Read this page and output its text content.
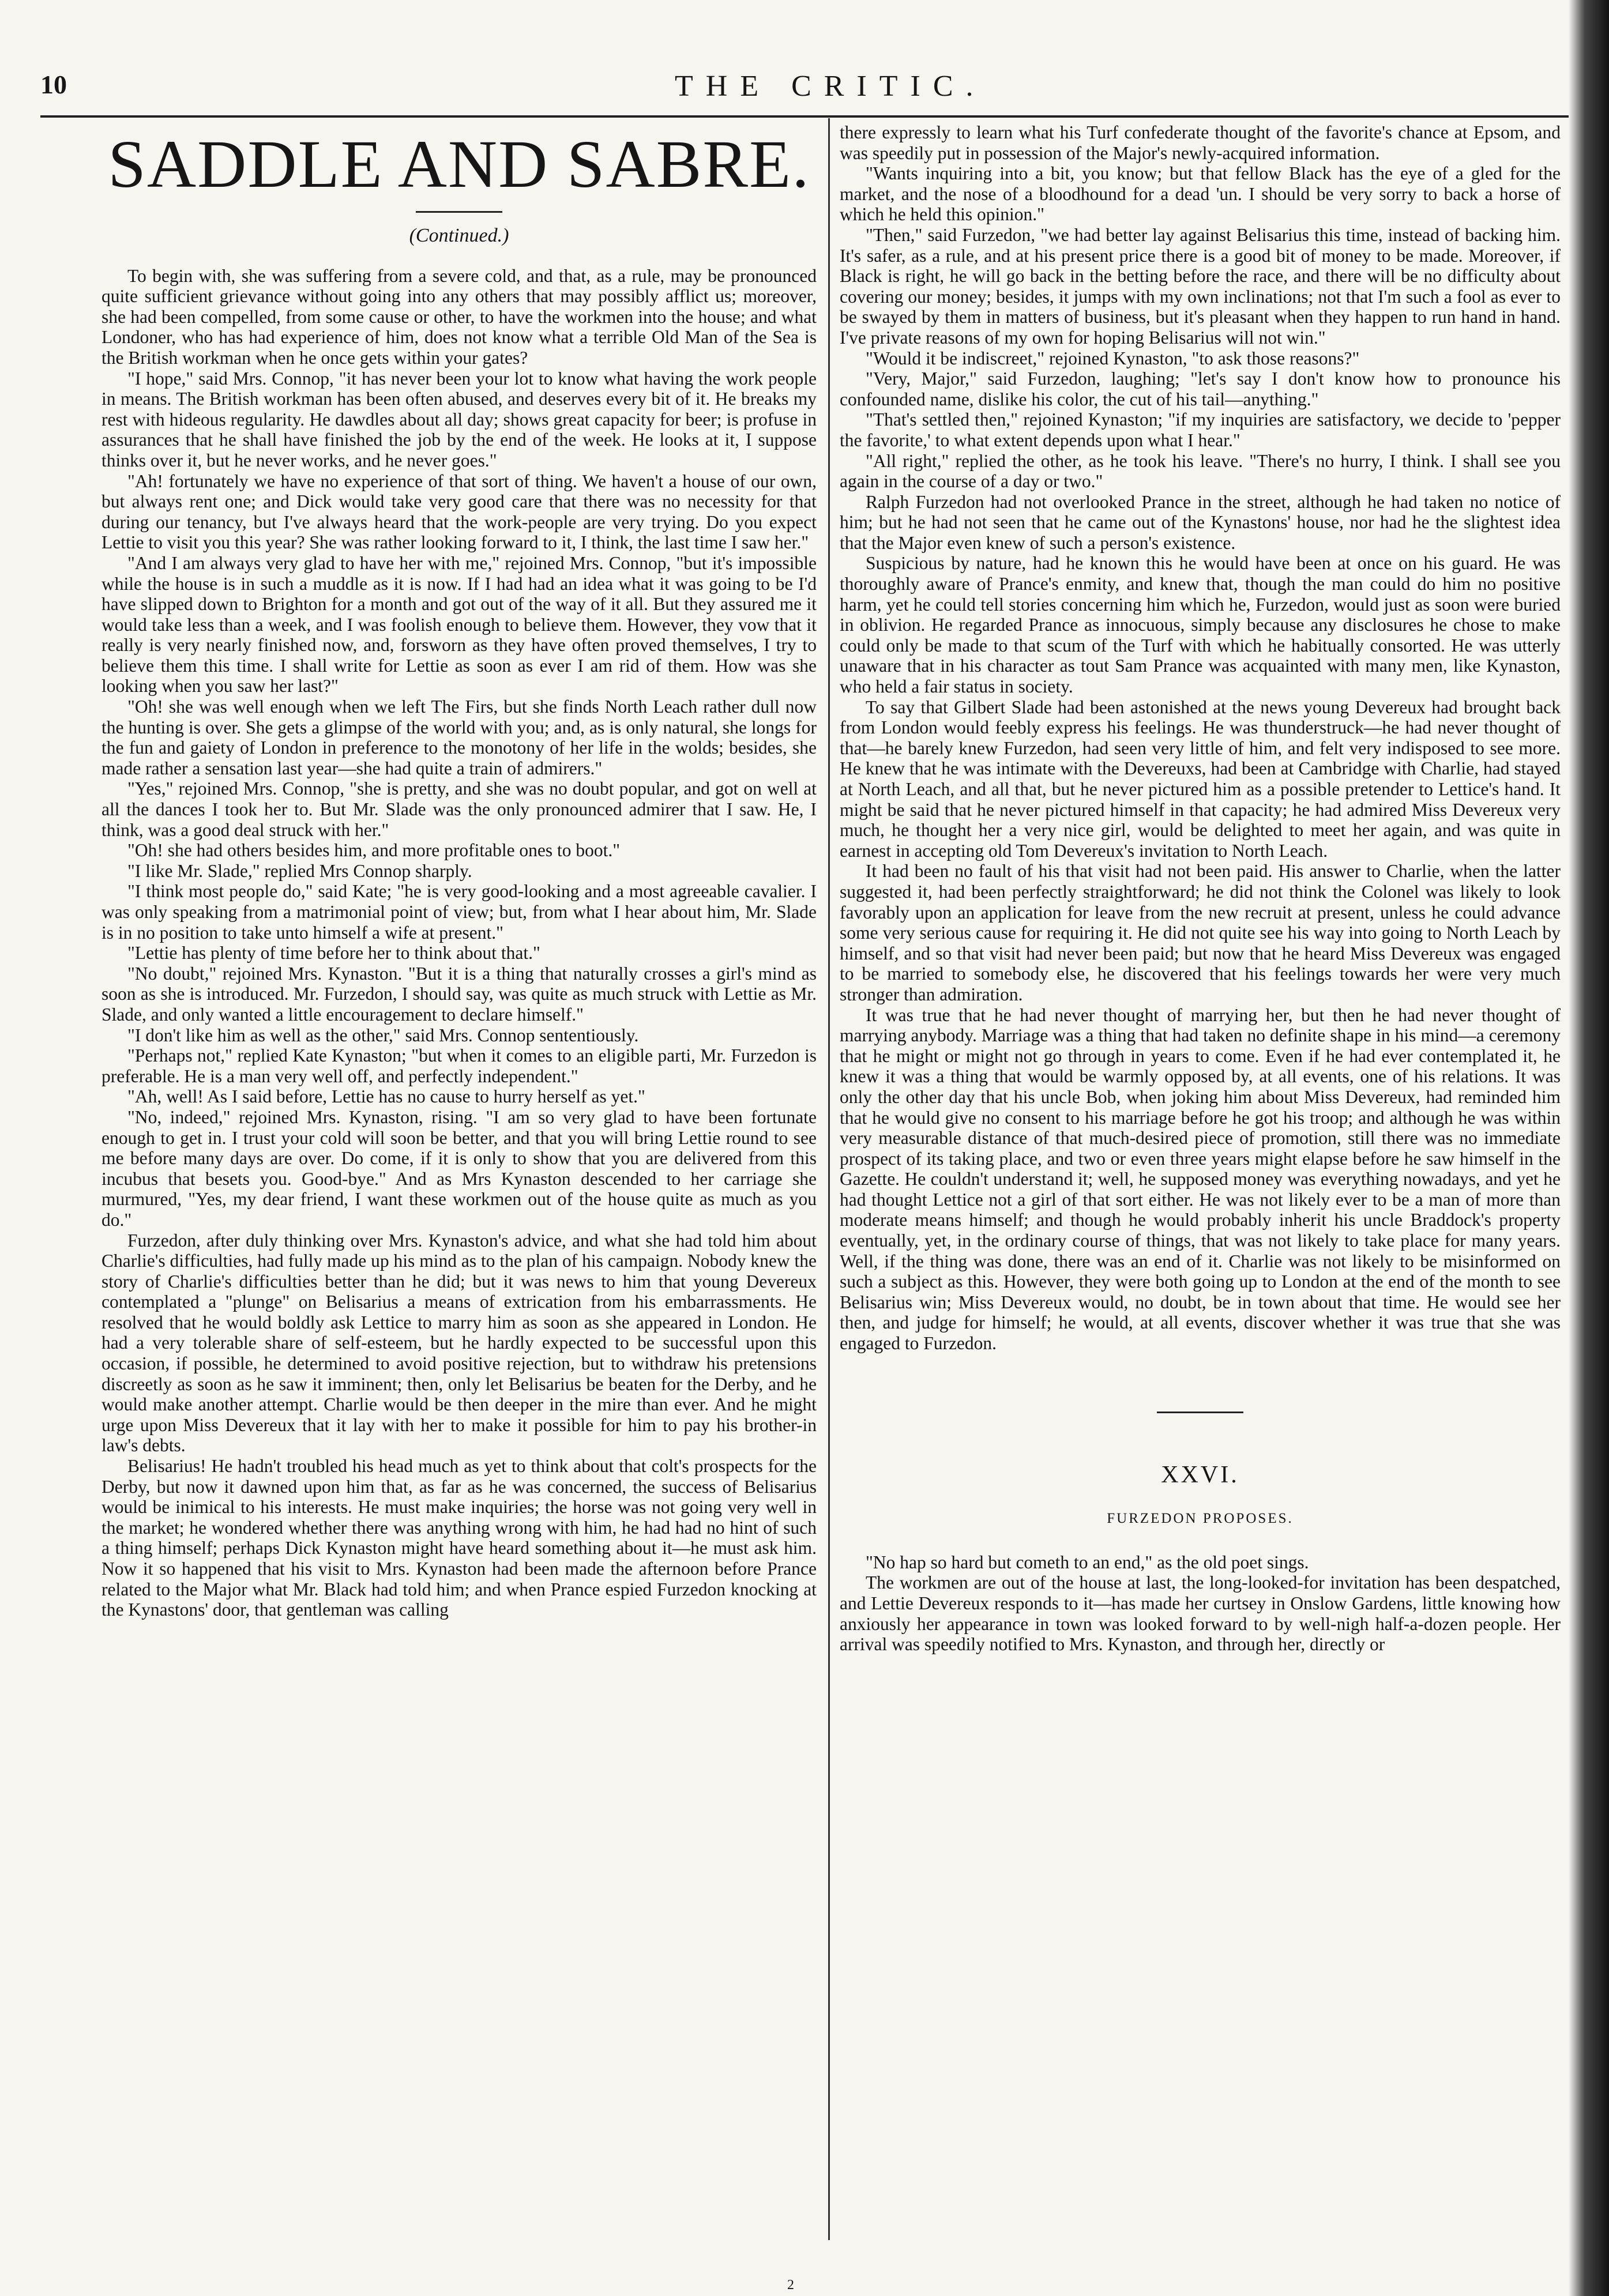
10	THE CRITIC.
SADDLE AND SABRE.
(Continued.)

To begin with, she was suffering from a severe cold, and that, as a rule, may be pronounced quite sufficient grievance without going into any others that may possibly afflict us; moreover, she had been compelled, from some cause or other, to have the workmen into the house; and what Londoner, who has had experience of him, does not know what a terrible Old Man of the Sea is the British workman when he once gets within your gates?

"I hope," said Mrs. Connop, "it has never been your lot to know what having the work people in means. The British workman has been often abused, and deserves every bit of it. He breaks my rest with hideous regularity. He dawdles about all day; shows great capacity for beer; is profuse in assurances that he shall have finished the job by the end of the week. He looks at it, I suppose thinks over it, but he never works, and he never goes."

"Ah! fortunately we have no experience of that sort of thing. We haven't a house of our own, but always rent one; and Dick would take very good care that there was no necessity for that during our tenancy, but I've always heard that the work-people are very trying. Do you expect Lettie to visit you this year? She was rather looking forward to it, I think, the last time I saw her."

"And I am always very glad to have her with me," rejoined Mrs. Connop, "but it's impossible while the house is in such a muddle as it is now. If I had had an idea what it was going to be I'd have slipped down to Brighton for a month and got out of the way of it all. But they assured me it would take less than a week, and I was foolish enough to believe them. However, they vow that it really is very nearly finished now, and, forsworn as they have often proved themselves, I try to believe them this time. I shall write for Lettie as soon as ever I am rid of them. How was she looking when you saw her last?"

"Oh! she was well enough when we left The Firs, but she finds North Leach rather dull now the hunting is over. She gets a glimpse of the world with you; and, as is only natural, she longs for the fun and gaiety of London in preference to the monotony of her life in the wolds; besides, she made rather a sensation last year—she had quite a train of admirers."

"Yes," rejoined Mrs. Connop, "she is pretty, and she was no doubt popular, and got on well at all the dances I took her to. But Mr. Slade was the only pronounced admirer that I saw. He, I think, was a good deal struck with her."

"Oh! she had others besides him, and more profitable ones to boot."

"I like Mr. Slade," replied Mrs Connop sharply.

"I think most people do," said Kate; "he is very good-looking and a most agreeable cavalier. I was only speaking from a matrimonial point of view; but, from what I hear about him, Mr. Slade is in no position to take unto himself a wife at present."

"Lettie has plenty of time before her to think about that."

"No doubt," rejoined Mrs. Kynaston. "But it is a thing that naturally crosses a girl's mind as soon as she is introduced. Mr. Furzedon, I should say, was quite as much struck with Lettie as Mr. Slade, and only wanted a little encouragement to declare himself."

"I don't like him as well as the other," said Mrs. Connop sententiously.

"Perhaps not," replied Kate Kynaston; "but when it comes to an eligible parti, Mr. Furzedon is preferable. He is a man very well off, and perfectly independent."

"Ah, well! As I said before, Lettie has no cause to hurry herself as yet."

"No, indeed," rejoined Mrs. Kynaston, rising. "I am so very glad to have been fortunate enough to get in. I trust your cold will soon be better, and that you will bring Lettie round to see me before many days are over. Do come, if it is only to show that you are delivered from this incubus that besets you. Good-bye." And as Mrs Kynaston descended to her carriage she murmured, "Yes, my dear friend, I want these workmen out of the house quite as much as you do."

Furzedon, after duly thinking over Mrs. Kynaston's advice, and what she had told him about Charlie's difficulties, had fully made up his mind as to the plan of his campaign. Nobody knew the story of Charlie's difficulties better than he did; but it was news to him that young Devereux contemplated a "plunge" on Belisarius a means of extrication from his embarrassments. He resolved that he would boldly ask Lettice to marry him as soon as she appeared in London. He had a very tolerable share of self-esteem, but he hardly expected to be successful upon this occasion, if possible, he determined to avoid positive rejection, but to withdraw his pretensions discreetly as soon as he saw it imminent; then, only let Belisarius be beaten for the Derby, and he would make another attempt. Charlie would be then deeper in the mire than ever. And he might urge upon Miss Devereux that it lay with her to make it possible for him to pay his brother-in law's debts.

Belisarius! He hadn't troubled his head much as yet to think about that colt's prospects for the Derby, but now it dawned upon him that, as far as he was concerned, the success of Belisarius would be inimical to his interests. He must make inquiries; the horse was not going very well in the market; he wondered whether there was anything wrong with him, he had had no hint of such a thing himself; perhaps Dick Kynaston might have heard something about it—he must ask him. Now it so happened that his visit to Mrs. Kynaston had been made the afternoon before Prance related to the Major what Mr. Black had told him; and when Prance espied Furzedon knocking at the Kynastons' door, that gentleman was calling

there expressly to learn what his Turf confederate thought of the favorite's chance at Epsom, and was speedily put in possession of the Major's newly-acquired information.

"Wants inquiring into a bit, you know; but that fellow Black has the eye of a gled for the market, and the nose of a bloodhound for a dead 'un. I should be very sorry to back a horse of which he held this opinion."

"Then," said Furzedon, "we had better lay against Belisarius this time, instead of backing him. It's safer, as a rule, and at his present price there is a good bit of money to be made. Moreover, if Black is right, he will go back in the betting before the race, and there will be no difficulty about covering our money; besides, it jumps with my own inclinations; not that I'm such a fool as ever to be swayed by them in matters of business, but it's pleasant when they happen to run hand in hand. I've private reasons of my own for hoping Belisarius will not win."

"Would it be indiscreet," rejoined Kynaston, "to ask those reasons?"

"Very, Major," said Furzedon, laughing; "let's say I don't know how to pronounce his confounded name, dislike his color, the cut of his tail—anything."

"That's settled then," rejoined Kynaston; "if my inquiries are satisfactory, we decide to 'pepper the favorite,' to what extent depends upon what I hear."

"All right," replied the other, as he took his leave. "There's no hurry, I think. I shall see you again in the course of a day or two."

Ralph Furzedon had not overlooked Prance in the street, although he had taken no notice of him; but he had not seen that he came out of the Kynastons' house, nor had he the slightest idea that the Major even knew of such a person's existence.

Suspicious by nature, had he known this he would have been at once on his guard. He was thoroughly aware of Prance's enmity, and knew that, though the man could do him no positive harm, yet he could tell stories concerning him which he, Furzedon, would just as soon were buried in oblivion. He regarded Prance as innocuous, simply because any disclosures he chose to make could only be made to that scum of the Turf with which he habitually consorted. He was utterly unaware that in his character as tout Sam Prance was acquainted with many men, like Kynaston, who held a fair status in society.

To say that Gilbert Slade had been astonished at the news young Devereux had brought back from London would feebly express his feelings. He was thunderstruck—he had never thought of that—he barely knew Furzedon, had seen very little of him, and felt very indisposed to see more. He knew that he was intimate with the Devereuxs, had been at Cambridge with Charlie, had stayed at North Leach, and all that, but he never pictured him as a possible pretender to Lettice's hand. It might be said that he never pictured himself in that capacity; he had admired Miss Devereux very much, he thought her a very nice girl, would be delighted to meet her again, and was quite in earnest in accepting old Tom Devereux's invitation to North Leach.

It had been no fault of his that visit had not been paid. His answer to Charlie, when the latter suggested it, had been perfectly straightforward; he did not think the Colonel was likely to look favorably upon an application for leave from the new recruit at present, unless he could advance some very serious cause for requiring it. He did not quite see his way into going to North Leach by himself, and so that visit had never been paid; but now that he heard Miss Devereux was engaged to be married to somebody else, he discovered that his feelings towards her were very much stronger than admiration.

It was true that he had never thought of marrying her, but then he had never thought of marrying anybody. Marriage was a thing that had taken no definite shape in his mind—a ceremony that he might or might not go through in years to come. Even if he had ever contemplated it, he knew it was a thing that would be warmly opposed by, at all events, one of his relations. It was only the other day that his uncle Bob, when joking him about Miss Devereux, had reminded him that he would give no consent to his marriage before he got his troop; and although he was within very measurable distance of that much-desired piece of promotion, still there was no immediate prospect of its taking place, and two or even three years might elapse before he saw himself in the Gazette. He couldn't understand it; well, he supposed money was everything nowadays, and yet he had thought Lettice not a girl of that sort either. He was not likely ever to be a man of more than moderate means himself; and though he would probably inherit his uncle Braddock's property eventually, yet, in the ordinary course of things, that was not likely to take place for many years. Well, if the thing was done, there was an end of it. Charlie was not likely to be misinformed on such a subject as this. However, they were both going up to London at the end of the month to see Belisarius win; Miss Devereux would, no doubt, be in town about that time. He would see her then, and judge for himself; he would, at all events, discover whether it was true that she was engaged to Furzedon.

XXVI.
FURZEDON PROPOSES.

"No hap so hard but cometh to an end," as the old poet sings.

The workmen are out of the house at last, the long-looked-for invitation has been despatched, and Lettie Devereux responds to it—has made her curtsey in Onslow Gardens, little knowing how anxiously her appearance in town was looked forward to by well-nigh half-a-dozen people. Her arrival was speedily notified to Mrs. Kynaston, and through her, directly or

2
